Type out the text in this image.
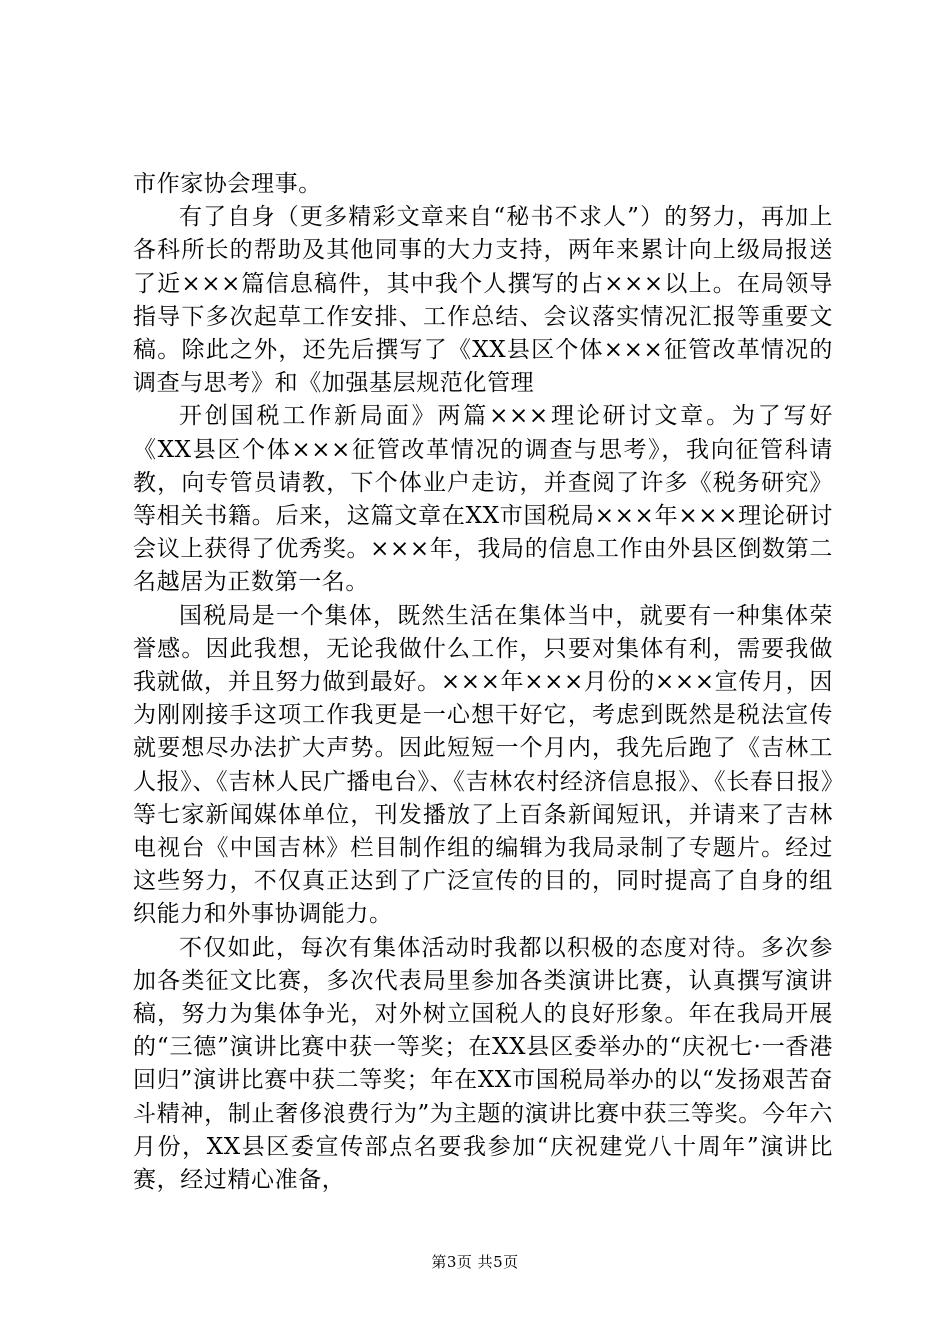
市作家协会理事。

有了自身（更多精彩文章来自“秘书不求人”）的努力，再加上各科所长的帮助及其他同事的大力支持，两年来累计向上级局报送了近×××篇信息稿件，其中我个人撰写的占×××以上。在局领导指导下多次起草工作安排、工作总结、会议落实情况汇报等重要文稿。除此之外，还先后撰写了《XX县区个体×××征管改革情况的调查与思考》和《加强基层规范化管理

开创国税工作新局面》两篇×××理论研讨文章。为了写好《XX县区个体×××征管改革情况的调查与思考》，我向征管科请教，向专管员请教，下个体业户走访，并查阅了许多《税务研究》等相关书籍。后来，这篇文章在XX市国税局×××年×××理论研讨会议上获得了优秀奖。×××年，我局的信息工作由外县区倒数第二名越居为正数第一名。

国税局是一个集体，既然生活在集体当中，就要有一种集体荣誉感。因此我想，无论我做什么工作，只要对集体有利，需要我做我就做，并且努力做到最好。×××年×××月份的×××宣传月，因为刚刚接手这项工作我更是一心想干好它，考虑到既然是税法宣传就要想尽办法扩大声势。因此短短一个月内，我先后跑了《吉林工人报》、《吉林人民广播电台》、《吉林农村经济信息报》、《长春日报》等七家新闻媒体单位，刊发播放了上百条新闻短讯，并请来了吉林电视台《中国吉林》栏目制作组的编辑为我局录制了专题片。经过这些努力，不仅真正达到了广泛宣传的目的，同时提高了自身的组织能力和外事协调能力。

不仅如此，每次有集体活动时我都以积极的态度对待。多次参加各类征文比赛，多次代表局里参加各类演讲比赛，认真撰写演讲稿，努力为集体争光，对外树立国税人的良好形象。年在我局开展的“三德”演讲比赛中获一等奖；在XX县区委举办的“庆祝七·一香港回归”演讲比赛中获二等奖；年在XX市国税局举办的以“发扬艰苦奋斗精神，制止奢侈浪费行为”为主题的演讲比赛中获三等奖。今年六月份，XX县区委宣传部点名要我参加“庆祝建党八十周年”演讲比赛，经过精心准备，

第3页 共5页
